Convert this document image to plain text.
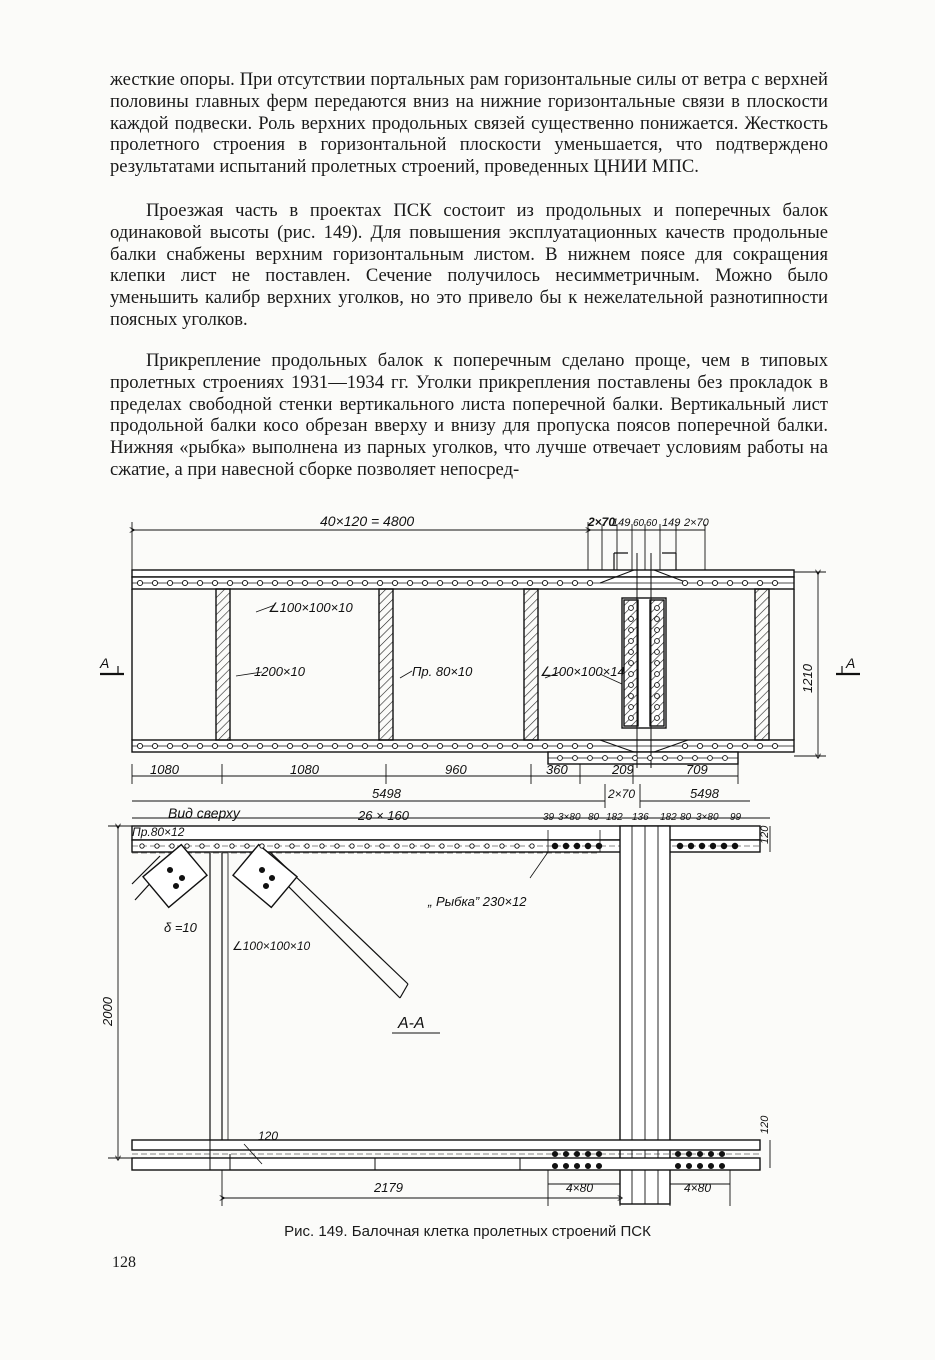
жесткие опоры. При отсутствии портальных рам горизонтальные силы от ветра с верхней половины главных ферм передаются вниз на нижние горизонтальные связи в плоскости каждой подвески. Роль верхних продольных связей существенно понижается. Жесткость пролетного строения в горизонтальной плоскости уменьшается, что подтверждено результатами испытаний пролетных строений, проведенных ЦНИИ МПС.

Проезжая часть в проектах ПСК состоит из продольных и поперечных балок одинаковой высоты (рис. 149). Для повышения эксплуатационных качеств продольные балки снабжены верхним горизонтальным листом. В нижнем поясе для сокращения клепки лист не поставлен. Сечение получилось несимметричным. Можно было уменьшить калибр верхних уголков, но это привело бы к нежелательной разнотипности поясных уголков.

Прикрепление продольных балок к поперечным сделано проще, чем в типовых пролетных строениях 1931—1934 гг. Уголки прикрепления поставлены без прокладок в пределах свободной стенки вертикального листа поперечной балки. Вертикальный лист продольной балки косо обрезан вверху и внизу для пропуска поясов поперечной балки. Нижняя «рыбка» выполнена из парных уголков, что лучше отвечает условиям работы на сжатие, а при навесной сборке позволяет непосред-

40×120 = 4800	2×70
149 60 60 149 2×70
∠100×100×10
1200×10	Пр. 80×10	∠100×100×14	1210
А	А
1080	1080	960	360	209	709
5498	2×70	5498
Вид сверху	26 × 160
Пр.80×12
39 3×80 80 182 136 182 80 3×80 99
δ =10
∠100×100×10
„ Рыбка” 230×12
А-А
2000
120
120
120
2179	4×80	4×80
Рис. 149. Балочная клетка пролетных строений ПСК
128
